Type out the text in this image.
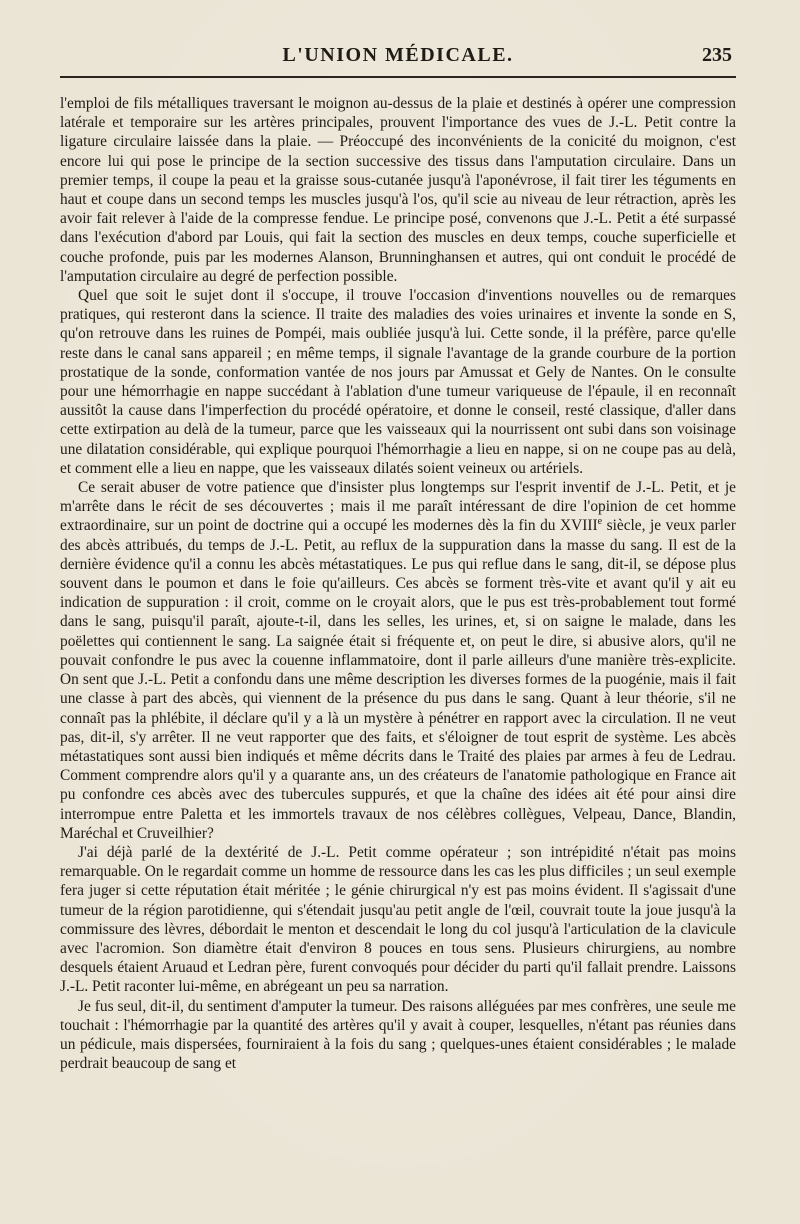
L'UNION MÉDICALE.	235

l'emploi de fils métalliques traversant le moignon au-dessus de la plaie et destinés à opérer une compression latérale et temporaire sur les artères principales, prouvent l'importance des vues de J.-L. Petit contre la ligature circulaire laissée dans la plaie. — Préoccupé des inconvénients de la conicité du moignon, c'est encore lui qui pose le principe de la section successive des tissus dans l'amputation circulaire. Dans un premier temps, il coupe la peau et la graisse sous-cutanée jusqu'à l'aponévrose, il fait tirer les téguments en haut et coupe dans un second temps les muscles jusqu'à l'os, qu'il scie au niveau de leur rétraction, après les avoir fait relever à l'aide de la compresse fendue. Le principe posé, convenons que J.-L. Petit a été surpassé dans l'exécution d'abord par Louis, qui fait la section des muscles en deux temps, couche superficielle et couche profonde, puis par les modernes Alanson, Brunninghansen et autres, qui ont conduit le procédé de l'amputation circulaire au degré de perfection possible.

Quel que soit le sujet dont il s'occupe, il trouve l'occasion d'inventions nouvelles ou de remarques pratiques, qui resteront dans la science. Il traite des maladies des voies urinaires et invente la sonde en S, qu'on retrouve dans les ruines de Pompéi, mais oubliée jusqu'à lui. Cette sonde, il la préfère, parce qu'elle reste dans le canal sans appareil ; en même temps, il signale l'avantage de la grande courbure de la portion prostatique de la sonde, conformation vantée de nos jours par Amussat et Gely de Nantes. On le consulte pour une hémorrhagie en nappe succédant à l'ablation d'une tumeur variqueuse de l'épaule, il en reconnaît aussitôt la cause dans l'imperfection du procédé opératoire, et donne le conseil, resté classique, d'aller dans cette extirpation au delà de la tumeur, parce que les vaisseaux qui la nourrissent ont subi dans son voisinage une dilatation considérable, qui explique pourquoi l'hémorrhagie a lieu en nappe, si on ne coupe pas au delà, et comment elle a lieu en nappe, que les vaisseaux dilatés soient veineux ou artériels.

Ce serait abuser de votre patience que d'insister plus longtemps sur l'esprit inventif de J.-L. Petit, et je m'arrête dans le récit de ses découvertes ; mais il me paraît intéressant de dire l'opinion de cet homme extraordinaire, sur un point de doctrine qui a occupé les modernes dès la fin du XVIIIe siècle, je veux parler des abcès attribués, du temps de J.-L. Petit, au reflux de la suppuration dans la masse du sang. Il est de la dernière évidence qu'il a connu les abcès métastatiques. Le pus qui reflue dans le sang, dit-il, se dépose plus souvent dans le poumon et dans le foie qu'ailleurs. Ces abcès se forment très-vite et avant qu'il y ait eu indication de suppuration : il croit, comme on le croyait alors, que le pus est très-probablement tout formé dans le sang, puisqu'il paraît, ajoute-t-il, dans les selles, les urines, et, si on saigne le malade, dans les poëlettes qui contiennent le sang. La saignée était si fréquente et, on peut le dire, si abusive alors, qu'il ne pouvait confondre le pus avec la couenne inflammatoire, dont il parle ailleurs d'une manière très-explicite. On sent que J.-L. Petit a confondu dans une même description les diverses formes de la puogénie, mais il fait une classe à part des abcès, qui viennent de la présence du pus dans le sang. Quant à leur théorie, s'il ne connaît pas la phlébite, il déclare qu'il y a là un mystère à pénétrer en rapport avec la circulation. Il ne veut pas, dit-il, s'y arrêter. Il ne veut rapporter que des faits, et s'éloigner de tout esprit de système. Les abcès métastatiques sont aussi bien indiqués et même décrits dans le Traité des plaies par armes à feu de Ledrau. Comment comprendre alors qu'il y a quarante ans, un des créateurs de l'anatomie pathologique en France ait pu confondre ces abcès avec des tubercules suppurés, et que la chaîne des idées ait été pour ainsi dire interrompue entre Paletta et les immortels travaux de nos célèbres collègues, Velpeau, Dance, Blandin, Maréchal et Cruveilhier?

J'ai déjà parlé de la dextérité de J.-L. Petit comme opérateur ; son intrépidité n'était pas moins remarquable. On le regardait comme un homme de ressource dans les cas les plus difficiles ; un seul exemple fera juger si cette réputation était méritée ; le génie chirurgical n'y est pas moins évident. Il s'agissait d'une tumeur de la région parotidienne, qui s'étendait jusqu'au petit angle de l'œil, couvrait toute la joue jusqu'à la commissure des lèvres, débordait le menton et descendait le long du col jusqu'à l'articulation de la clavicule avec l'acromion. Son diamètre était d'environ 8 pouces en tous sens. Plusieurs chirurgiens, au nombre desquels étaient Aruaud et Ledran père, furent convoqués pour décider du parti qu'il fallait prendre. Laissons J.-L. Petit raconter lui-même, en abrégeant un peu sa narration.

Je fus seul, dit-il, du sentiment d'amputer la tumeur. Des raisons alléguées par mes confrères, une seule me touchait : l'hémorrhagie par la quantité des artères qu'il y avait à couper, lesquelles, n'étant pas réunies dans un pédicule, mais dispersées, fourniraient à la fois du sang ; quelques-unes étaient considérables ; le malade perdrait beaucoup de sang et
